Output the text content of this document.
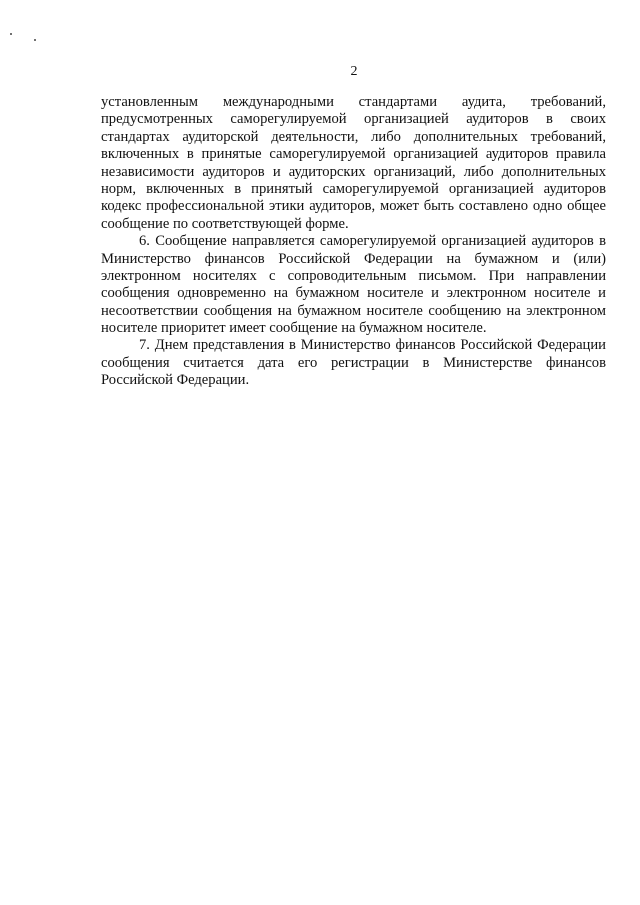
2
установленным международными стандартами аудита, требований,
предусмотренных саморегулируемой организацией аудиторов в своих
стандартах аудиторской деятельности, либо дополнительных требований,
включенных в принятые саморегулируемой организацией аудиторов правила
независимости аудиторов и аудиторских организаций, либо дополнительных
норм, включенных в принятый саморегулируемой организацией аудиторов
кодекс профессиональной этики аудиторов, может быть составлено одно общее
сообщение по соответствующей форме.
6. Сообщение направляется саморегулируемой организацией аудиторов в
Министерство финансов Российской Федерации на бумажном и (или)
электронном носителях с сопроводительным письмом. При направлении
сообщения одновременно на бумажном носителе и электронном носителе и
несоответствии сообщения на бумажном носителе сообщению на электронном
носителе приоритет имеет сообщение на бумажном носителе.
7. Днем представления в Министерство финансов Российской Федерации
сообщения считается дата его регистрации в Министерстве финансов
Российской Федерации.
